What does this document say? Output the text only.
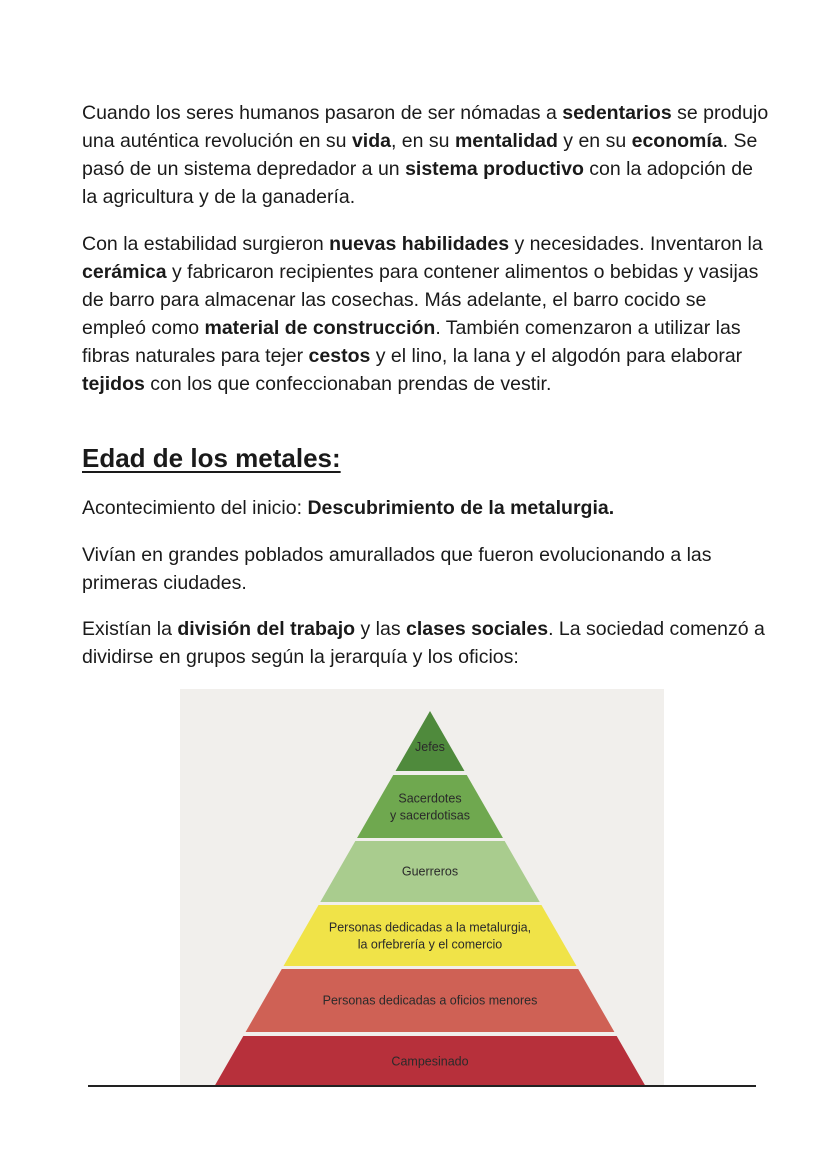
Cuando los seres humanos pasaron de ser nómadas a sedentarios se produjo una auténtica revolución en su vida, en su mentalidad y en su economía. Se pasó de un sistema depredador a un sistema productivo con la adopción de la agricultura y de la ganadería.

Con la estabilidad surgieron nuevas habilidades y necesidades. Inventaron la cerámica y fabricaron recipientes para contener alimentos o bebidas y vasijas de barro para almacenar las cosechas. Más adelante, el barro cocido se empleó como material de construcción. También comenzaron a utilizar las fibras naturales para tejer cestos y el lino, la lana y el algodón para elaborar tejidos con los que confeccionaban prendas de vestir.

Edad de los metales:

Acontecimiento del inicio: Descubrimiento de la metalurgia.

Vivían en grandes poblados amurallados que fueron evolucionando a las primeras ciudades.

Existían la división del trabajo y las clases sociales. La sociedad comenzó a dividirse en grupos según la jerarquía y los oficios:

Jefes
Sacerdotes
y sacerdotisas
Guerreros
Personas dedicadas a la metalurgia,
la orfebrería y el comercio
Personas dedicadas a oficios menores
Campesinado
